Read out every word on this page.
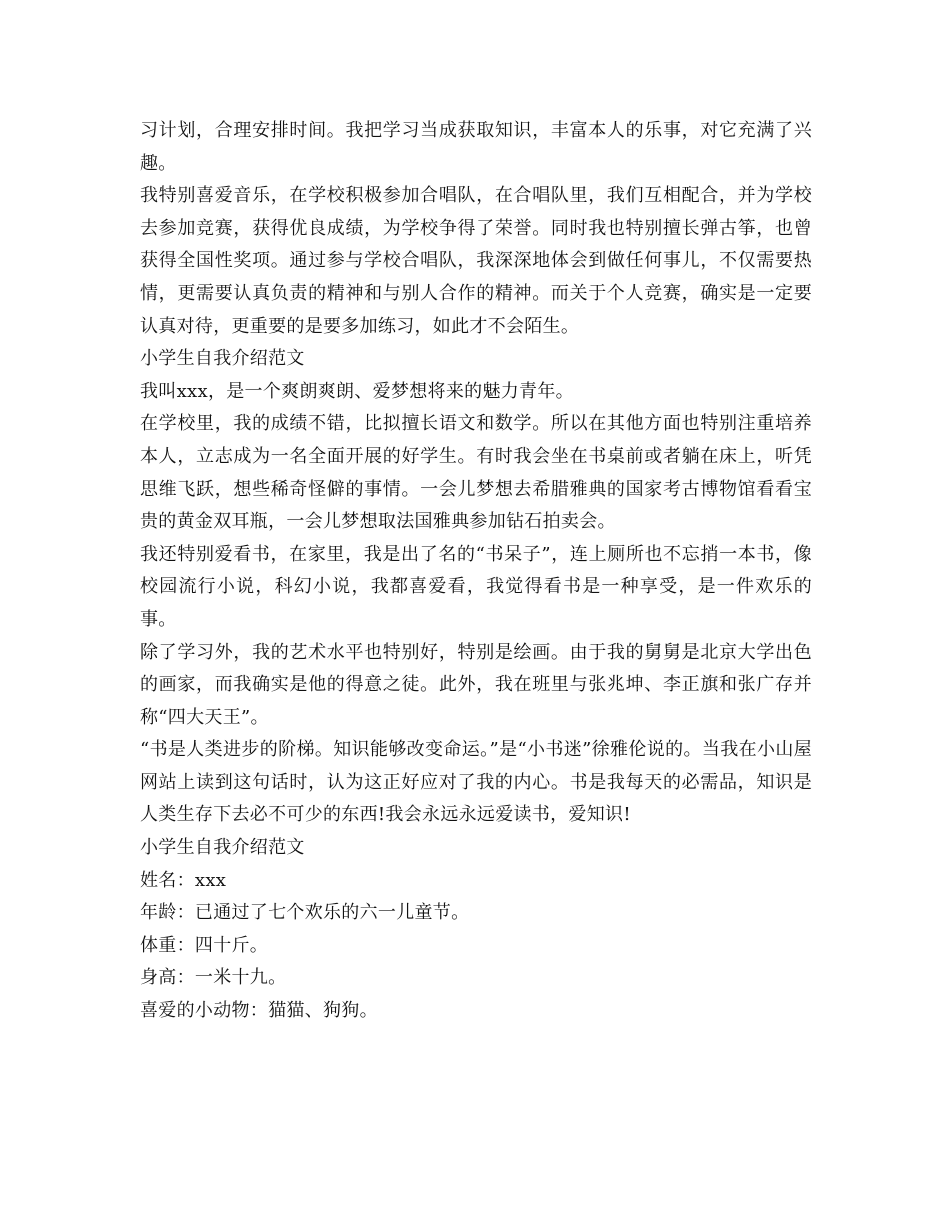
习计划，合理安排时间。我把学习当成获取知识，丰富本人的乐事，对它充满了兴趣。

我特别喜爱音乐，在学校积极参加合唱队，在合唱队里，我们互相配合，并为学校去参加竞赛，获得优良成绩，为学校争得了荣誉。同时我也特别擅长弹古筝，也曾获得全国性奖项。通过参与学校合唱队，我深深地体会到做任何事儿，不仅需要热情，更需要认真负责的精神和与别人合作的精神。而关于个人竞赛，确实是一定要认真对待，更重要的是要多加练习，如此才不会陌生。

小学生自我介绍范文

我叫xxx，是一个爽朗爽朗、爱梦想将来的魅力青年。

在学校里，我的成绩不错，比拟擅长语文和数学。所以在其他方面也特别注重培养本人，立志成为一名全面开展的好学生。有时我会坐在书桌前或者躺在床上，听凭思维飞跃，想些稀奇怪僻的事情。一会儿梦想去希腊雅典的国家考古博物馆看看宝贵的黄金双耳瓶，一会儿梦想取法国雅典参加钻石拍卖会。

我还特别爱看书，在家里，我是出了名的“书呆子”，连上厕所也不忘捎一本书，像校园流行小说，科幻小说，我都喜爱看，我觉得看书是一种享受，是一件欢乐的事。

除了学习外，我的艺术水平也特别好，特别是绘画。由于我的舅舅是北京大学出色的画家，而我确实是他的得意之徒。此外，我在班里与张兆坤、李正旗和张广存并称“四大天王”。

“书是人类进步的阶梯。知识能够改变命运。”是“小书迷”徐雅伦说的。当我在小山屋网站上读到这句话时，认为这正好应对了我的内心。书是我每天的必需品，知识是人类生存下去必不可少的东西!我会永远永远爱读书，爱知识!

小学生自我介绍范文

姓名：xxx

年龄：已通过了七个欢乐的六一儿童节。

体重：四十斤。

身高：一米十九。

喜爱的小动物：猫猫、狗狗。
